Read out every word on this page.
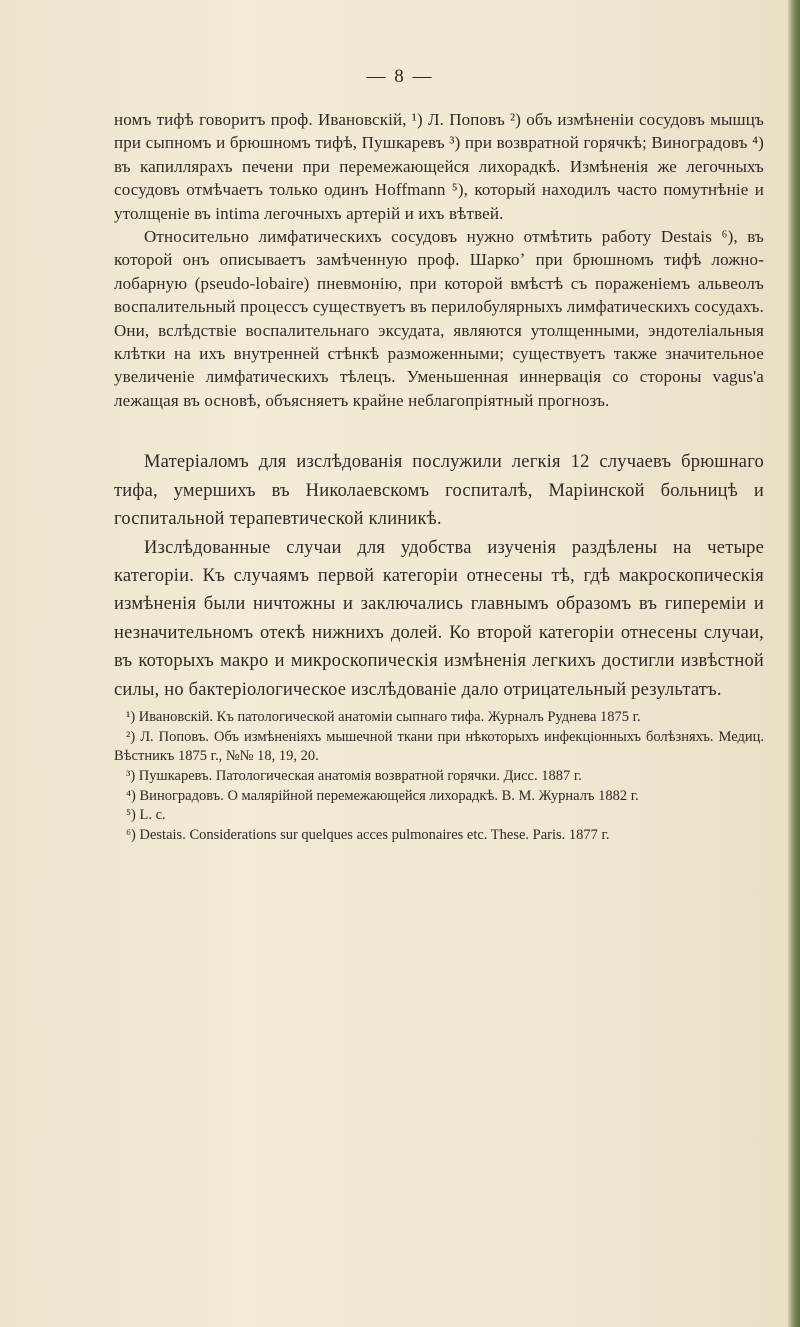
— 8 —

номъ тифѣ говоритъ проф. Ивановскій, ¹) Л. Поповъ ²) объ измѣненіи сосудовъ мышцъ при сыпномъ и брюшномъ тифѣ, Пушкаревъ ³) при возвратной горячкѣ; Виноградовъ ⁴) въ капиллярахъ печени при перемежающейся лихорадкѣ. Измѣненія же легочныхъ сосудовъ отмѣчаетъ только одинъ Hoffmann ⁵), который находилъ часто помутнѣніе и утолщеніе въ intima легочныхъ артерій и ихъ вѣтвей.

Относительно лимфатическихъ сосудовъ нужно отмѣтить работу Destais ⁶), въ которой онъ описываетъ замѣченную проф. Шаркоʼ при брюшномъ тифѣ ложно-лобарную (pseudo-lobaire) пневмонію, при которой вмѣстѣ съ пораженіемъ альвеолъ воспалительный процессъ существуетъ въ перилобулярныхъ лимфатическихъ сосудахъ. Они, вслѣдствіе воспалительнаго эксудата, являются утолщенными, эндотеліальныя клѣтки на ихъ внутренней стѣнкѣ разможенными; существуетъ также значительное увеличеніе лимфатическихъ тѣлецъ. Уменьшенная иннервація со стороны vagus'а лежащая въ основѣ, объясняетъ крайне неблагопріятный прогнозъ.

Матеріаломъ для изслѣдованія послужили легкія 12 случаевъ брюшнаго тифа, умершихъ въ Николаевскомъ госпиталѣ, Маріинской больницѣ и госпитальной терапевтической клиникѣ.

Изслѣдованные случаи для удобства изученія раздѣлены на четыре категоріи. Къ случаямъ первой категоріи отнесены тѣ, гдѣ макроскопическія измѣненія были ничтожны и заключались главнымъ образомъ въ гипереміи и незначительномъ отекѣ нижнихъ долей. Ко второй категоріи отнесены случаи, въ которыхъ макро и микроскопическія измѣненія легкихъ достигли извѣстной силы, но бактеріологическое изслѣдованіе дало отрицательный результатъ.

¹) Ивановскій. Къ патологической анатоміи сыпнаго тифа. Журналъ Руднева 1875 г.

²) Л. Поповъ. Объ измѣненіяхъ мышечной ткани при нѣкоторыхъ инфекціонныхъ болѣзняхъ. Медиц. Вѣстникъ 1875 г., №№ 18, 19, 20.

³) Пушкаревъ. Патологическая анатомія возвратной горячки. Дисс. 1887 г.

⁴) Виноградовъ. О малярійной перемежающейся лихорадкѣ. В. М. Журналъ 1882 г.

⁵) L. c.

⁶) Destais. Considerations sur quelques acces pulmonaires etc. These. Paris. 1877 г.
